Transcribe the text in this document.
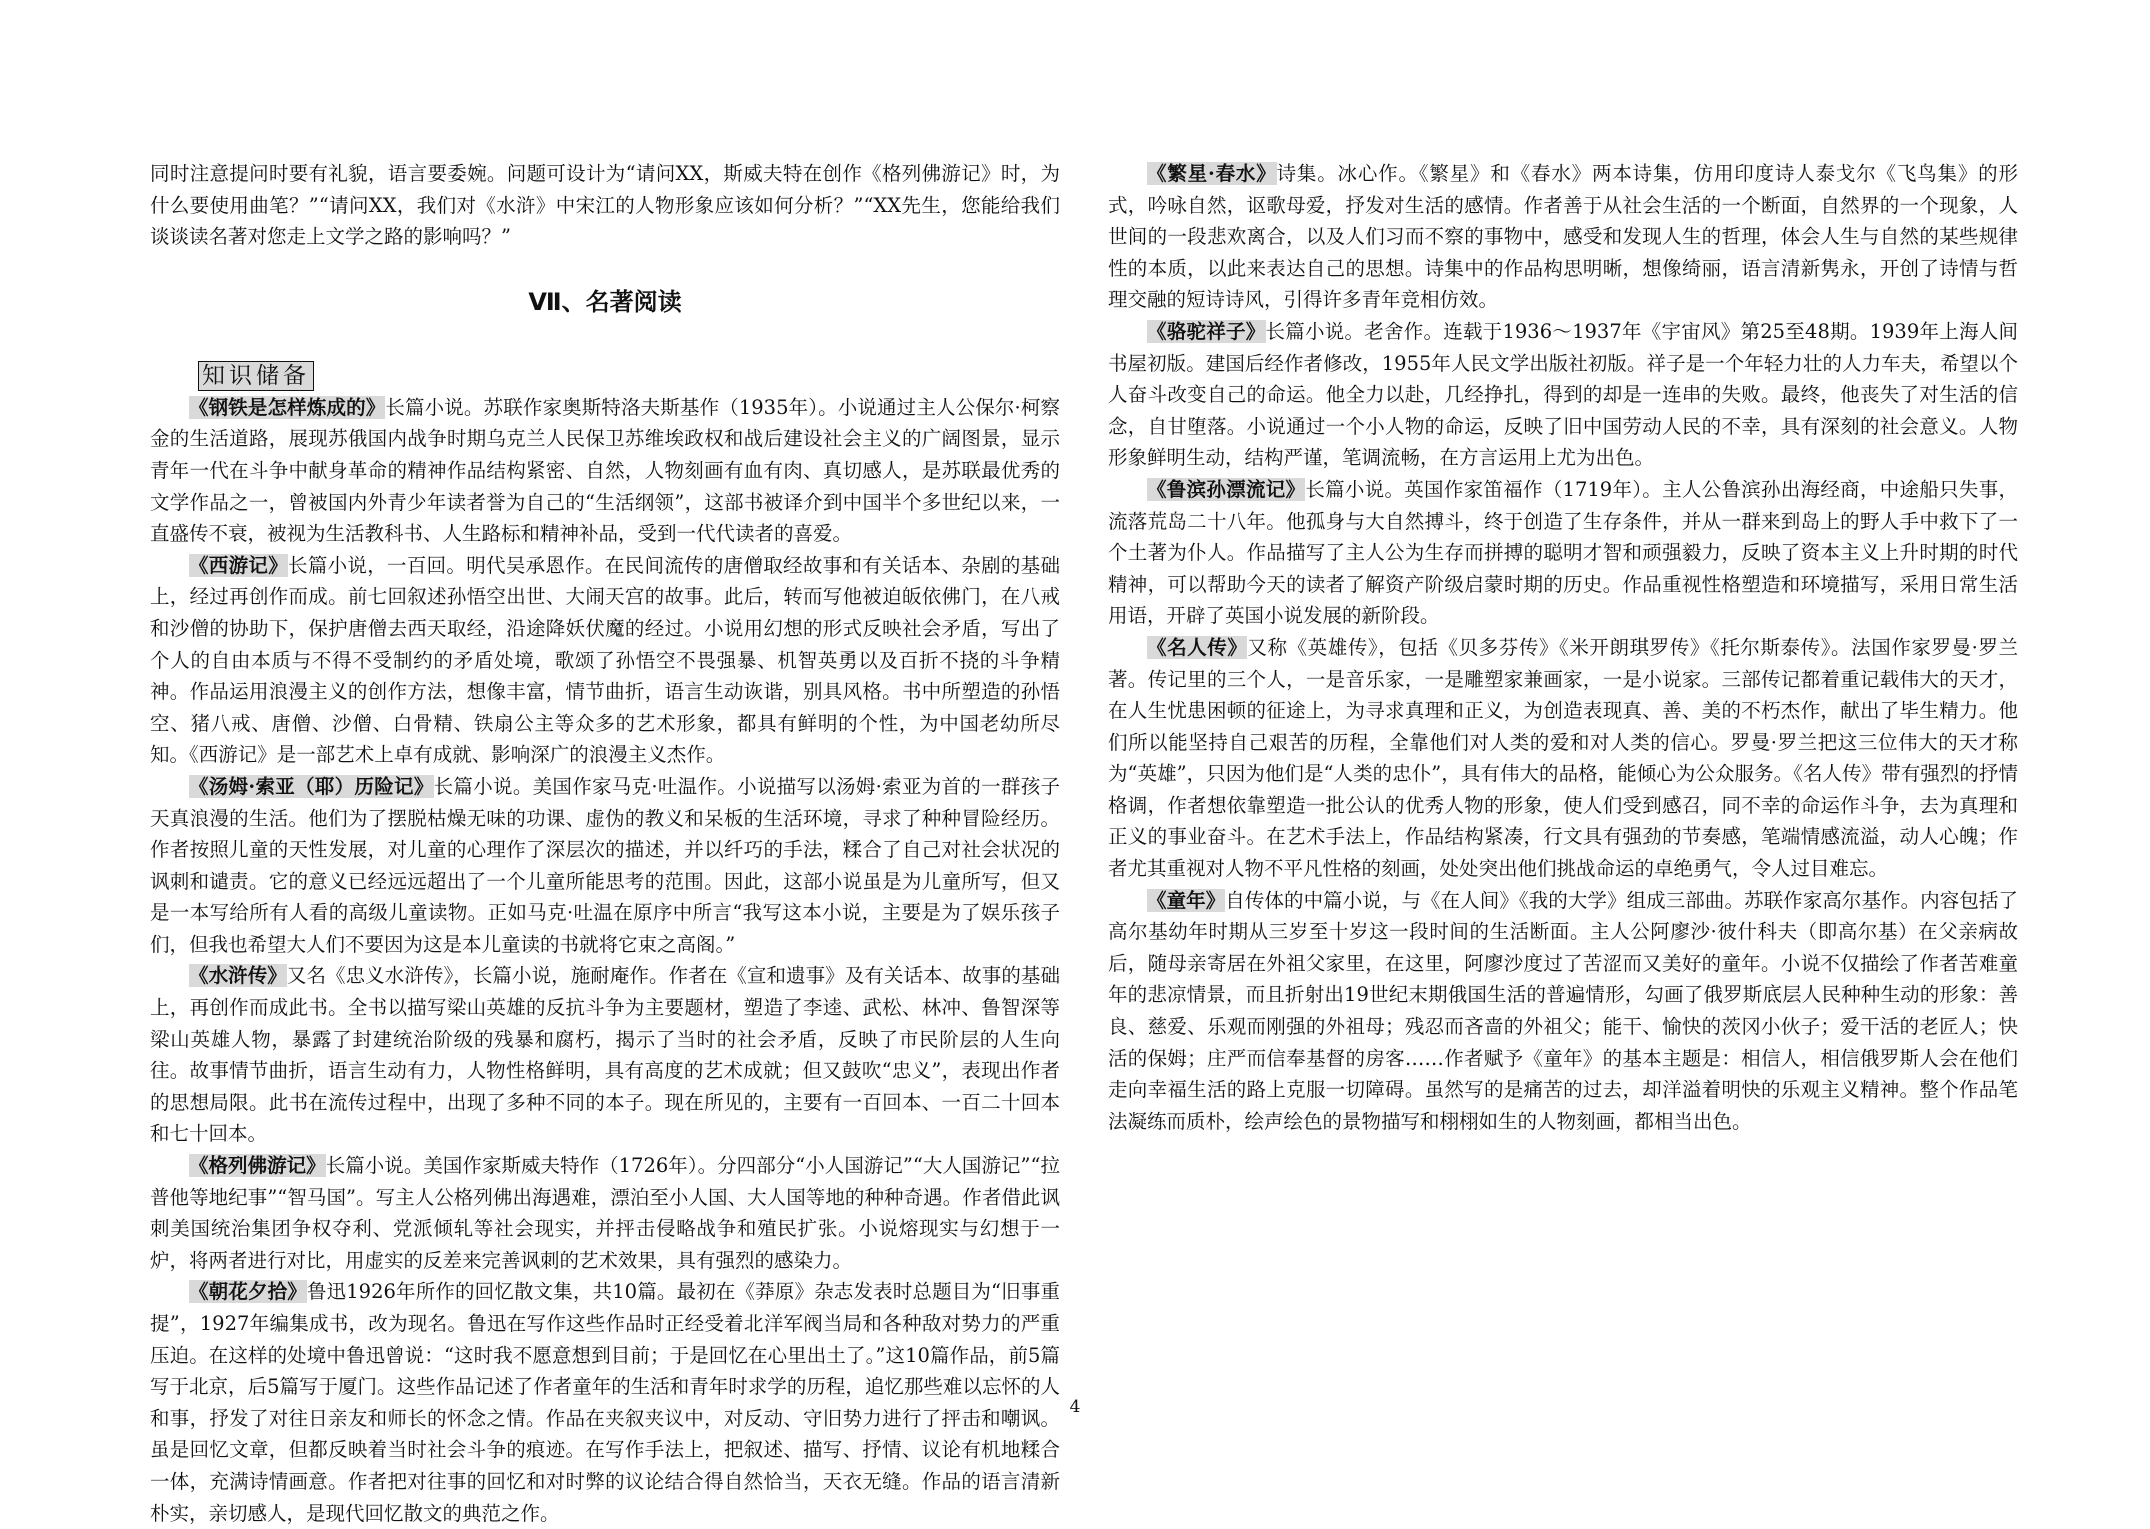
同时注意提问时要有礼貌，语言要委婉。问题可设计为“请问XX，斯威夫特在创作《格列佛游记》时，为什么要使用曲笔？”“请问XX，我们对《水浒》中宋江的人物形象应该如何分析？”“XX先生，您能给我们谈谈读名著对您走上文学之路的影响吗？”

Ⅶ、名著阅读
知识储备

《钢铁是怎样炼成的》长篇小说。苏联作家奥斯特洛夫斯基作（1935年）。小说通过主人公保尔·柯察金的生活道路，展现苏俄国内战争时期乌克兰人民保卫苏维埃政权和战后建设社会主义的广阔图景，显示青年一代在斗争中献身革命的精神作品结构紧密、自然，人物刻画有血有肉、真切感人，是苏联最优秀的文学作品之一，曾被国内外青少年读者誉为自己的“生活纲领”，这部书被译介到中国半个多世纪以来，一直盛传不衰，被视为生活教科书、人生路标和精神补品，受到一代代读者的喜爱。

《西游记》长篇小说，一百回。明代吴承恩作。在民间流传的唐僧取经故事和有关话本、杂剧的基础上，经过再创作而成。前七回叙述孙悟空出世、大闹天宫的故事。此后，转而写他被迫皈依佛门，在八戒和沙僧的协助下，保护唐僧去西天取经，沿途降妖伏魔的经过。小说用幻想的形式反映社会矛盾，写出了个人的自由本质与不得不受制约的矛盾处境，歌颂了孙悟空不畏强暴、机智英勇以及百折不挠的斗争精神。作品运用浪漫主义的创作方法，想像丰富，情节曲折，语言生动诙谐，别具风格。书中所塑造的孙悟空、猪八戒、唐僧、沙僧、白骨精、铁扇公主等众多的艺术形象，都具有鲜明的个性，为中国老幼所尽知。《西游记》是一部艺术上卓有成就、影响深广的浪漫主义杰作。

《汤姆·索亚（耶）历险记》长篇小说。美国作家马克·吐温作。小说描写以汤姆·索亚为首的一群孩子天真浪漫的生活。他们为了摆脱枯燥无味的功课、虚伪的教义和呆板的生活环境，寻求了种种冒险经历。作者按照儿童的天性发展，对儿童的心理作了深层次的描述，并以纤巧的手法，糅合了自己对社会状况的讽刺和谴责。它的意义已经远远超出了一个儿童所能思考的范围。因此，这部小说虽是为儿童所写，但又是一本写给所有人看的高级儿童读物。正如马克·吐温在原序中所言“我写这本小说，主要是为了娱乐孩子们，但我也希望大人们不要因为这是本儿童读的书就将它束之高阁。”

《水浒传》又名《忠义水浒传》，长篇小说，施耐庵作。作者在《宣和遗事》及有关话本、故事的基础上，再创作而成此书。全书以描写梁山英雄的反抗斗争为主要题材，塑造了李逵、武松、林冲、鲁智深等梁山英雄人物，暴露了封建统治阶级的残暴和腐朽，揭示了当时的社会矛盾，反映了市民阶层的人生向往。故事情节曲折，语言生动有力，人物性格鲜明，具有高度的艺术成就；但又鼓吹“忠义”，表现出作者的思想局限。此书在流传过程中，出现了多种不同的本子。现在所见的，主要有一百回本、一百二十回本和七十回本。

《格列佛游记》长篇小说。美国作家斯威夫特作（1726年）。分四部分“小人国游记”“大人国游记”“拉普他等地纪事”“智马国”。写主人公格列佛出海遇难，漂泊至小人国、大人国等地的种种奇遇。作者借此讽刺美国统治集团争权夺利、党派倾轧等社会现实，并抨击侵略战争和殖民扩张。小说熔现实与幻想于一炉，将两者进行对比，用虚实的反差来完善讽刺的艺术效果，具有强烈的感染力。

《朝花夕拾》鲁迅1926年所作的回忆散文集，共10篇。最初在《莽原》杂志发表时总题目为“旧事重提”，1927年编集成书，改为现名。鲁迅在写作这些作品时正经受着北洋军阀当局和各种敌对势力的严重压迫。在这样的处境中鲁迅曾说：“这时我不愿意想到目前；于是回忆在心里出土了。”这10篇作品，前5篇写于北京，后5篇写于厦门。这些作品记述了作者童年的生活和青年时求学的历程，追忆那些难以忘怀的人和事，抒发了对往日亲友和师长的怀念之情。作品在夹叙夹议中，对反动、守旧势力进行了抨击和嘲讽。虽是回忆文章，但都反映着当时社会斗争的痕迹。在写作手法上，把叙述、描写、抒情、议论有机地糅合一体，充满诗情画意。作者把对往事的回忆和对时弊的议论结合得自然恰当，天衣无缝。作品的语言清新朴实，亲切感人，是现代回忆散文的典范之作。

《繁星·春水》诗集。冰心作。《繁星》和《春水》两本诗集，仿用印度诗人泰戈尔《飞鸟集》的形式，吟咏自然，讴歌母爱，抒发对生活的感情。作者善于从社会生活的一个断面，自然界的一个现象，人世间的一段悲欢离合，以及人们习而不察的事物中，感受和发现人生的哲理，体会人生与自然的某些规律性的本质，以此来表达自己的思想。诗集中的作品构思明晰，想像绮丽，语言清新隽永，开创了诗情与哲理交融的短诗诗风，引得许多青年竞相仿效。

《骆驼祥子》长篇小说。老舍作。连载于1936～1937年《宇宙风》第25至48期。1939年上海人间书屋初版。建国后经作者修改，1955年人民文学出版社初版。祥子是一个年轻力壮的人力车夫，希望以个人奋斗改变自己的命运。他全力以赴，几经挣扎，得到的却是一连串的失败。最终，他丧失了对生活的信念，自甘堕落。小说通过一个小人物的命运，反映了旧中国劳动人民的不幸，具有深刻的社会意义。人物形象鲜明生动，结构严谨，笔调流畅，在方言运用上尤为出色。

《鲁滨孙漂流记》长篇小说。英国作家笛福作（1719年）。主人公鲁滨孙出海经商，中途船只失事，流落荒岛二十八年。他孤身与大自然搏斗，终于创造了生存条件，并从一群来到岛上的野人手中救下了一个土著为仆人。作品描写了主人公为生存而拼搏的聪明才智和顽强毅力，反映了资本主义上升时期的时代精神，可以帮助今天的读者了解资产阶级启蒙时期的历史。作品重视性格塑造和环境描写，采用日常生活用语，开辟了英国小说发展的新阶段。

《名人传》又称《英雄传》，包括《贝多芬传》《米开朗琪罗传》《托尔斯泰传》。法国作家罗曼·罗兰著。传记里的三个人，一是音乐家，一是雕塑家兼画家，一是小说家。三部传记都着重记载伟大的天才，在人生忧患困顿的征途上，为寻求真理和正义，为创造表现真、善、美的不朽杰作，献出了毕生精力。他们所以能坚持自己艰苦的历程，全靠他们对人类的爱和对人类的信心。罗曼·罗兰把这三位伟大的天才称为“英雄”，只因为他们是“人类的忠仆”，具有伟大的品格，能倾心为公众服务。《名人传》带有强烈的抒情格调，作者想依靠塑造一批公认的优秀人物的形象，使人们受到感召，同不幸的命运作斗争，去为真理和正义的事业奋斗。在艺术手法上，作品结构紧凑，行文具有强劲的节奏感，笔端情感流溢，动人心魄；作者尤其重视对人物不平凡性格的刻画，处处突出他们挑战命运的卓绝勇气，令人过目难忘。

《童年》自传体的中篇小说，与《在人间》《我的大学》组成三部曲。苏联作家高尔基作。内容包括了高尔基幼年时期从三岁至十岁这一段时间的生活断面。主人公阿廖沙·彼什科夫（即高尔基）在父亲病故后，随母亲寄居在外祖父家里，在这里，阿廖沙度过了苦涩而又美好的童年。小说不仅描绘了作者苦难童年的悲凉情景，而且折射出19世纪末期俄国生活的普遍情形，勾画了俄罗斯底层人民种种生动的形象：善良、慈爱、乐观而刚强的外祖母；残忍而吝啬的外祖父；能干、愉快的茨冈小伙子；爱干活的老匠人；快活的保姆；庄严而信奉基督的房客……作者赋予《童年》的基本主题是：相信人，相信俄罗斯人会在他们走向幸福生活的路上克服一切障碍。虽然写的是痛苦的过去，却洋溢着明快的乐观主义精神。整个作品笔法凝练而质朴，绘声绘色的景物描写和栩栩如生的人物刻画，都相当出色。

4
